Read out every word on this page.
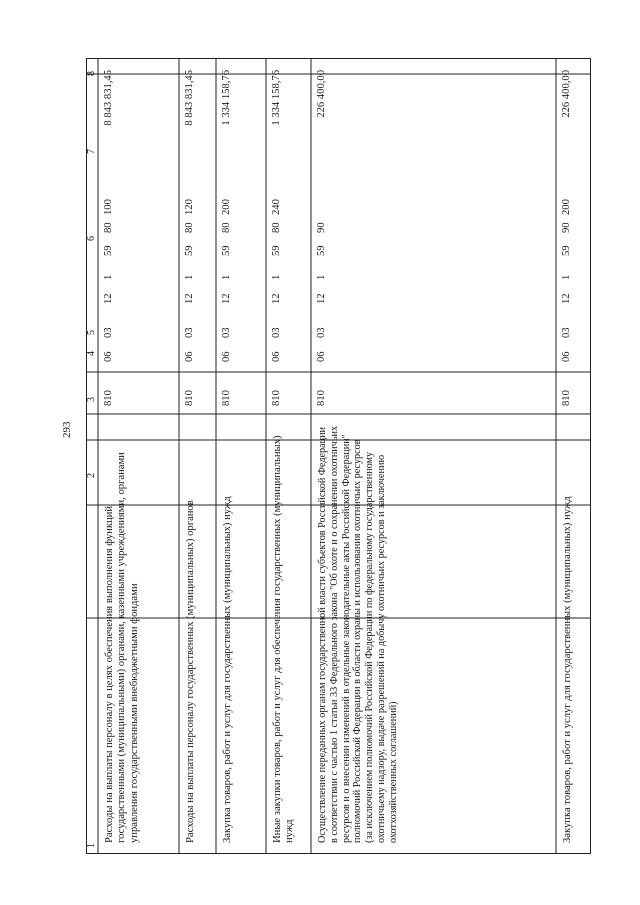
293
1
2
3
4
5
6
7
8
Расходы на выплаты персоналу в целях обеспечения выполнения функций государственными (муниципальными) органами, казенными учреждениями, органами управления государственными внебюджетными фондами
810
06
03
12
1
59
80
100
8 843 831,45
Расходы на выплаты персоналу государственных (муниципальных) органов
810
06
03
12
1
59
80
120
8 843 831,45
Закупка товаров, работ и услуг для государственных (муниципальных) нужд
810
06
03
12
1
59
80
200
1 334 158,76
Иные закупки товаров, работ и услуг для обеспечения государственных (муниципальных) нужд
810
06
03
12
1
59
80
240
1 334 158,76
Осуществление переданных органам государственной власти субъектов Российской Федерации в соответствии с частью 1 статьи 33 Федерального закона "Об охоте и о сохранении охотничьих ресурсов и о внесении изменений в отдельные законодательные акты Российской Федерации" полномочий Российской Федерации в области охраны и использования охотничьих ресурсов (за исключением полномочий Российской Федерации по федеральному государственному охотничьему надзору, выдаче разрешений на добычу охотничьих ресурсов и заключению охотхозяйственных соглашений)
810
06
03
12
1
59
90
226 400,00
Закупка товаров, работ и услуг для государственных (муниципальных) нужд
810
06
03
12
1
59
90
200
226 400,00
